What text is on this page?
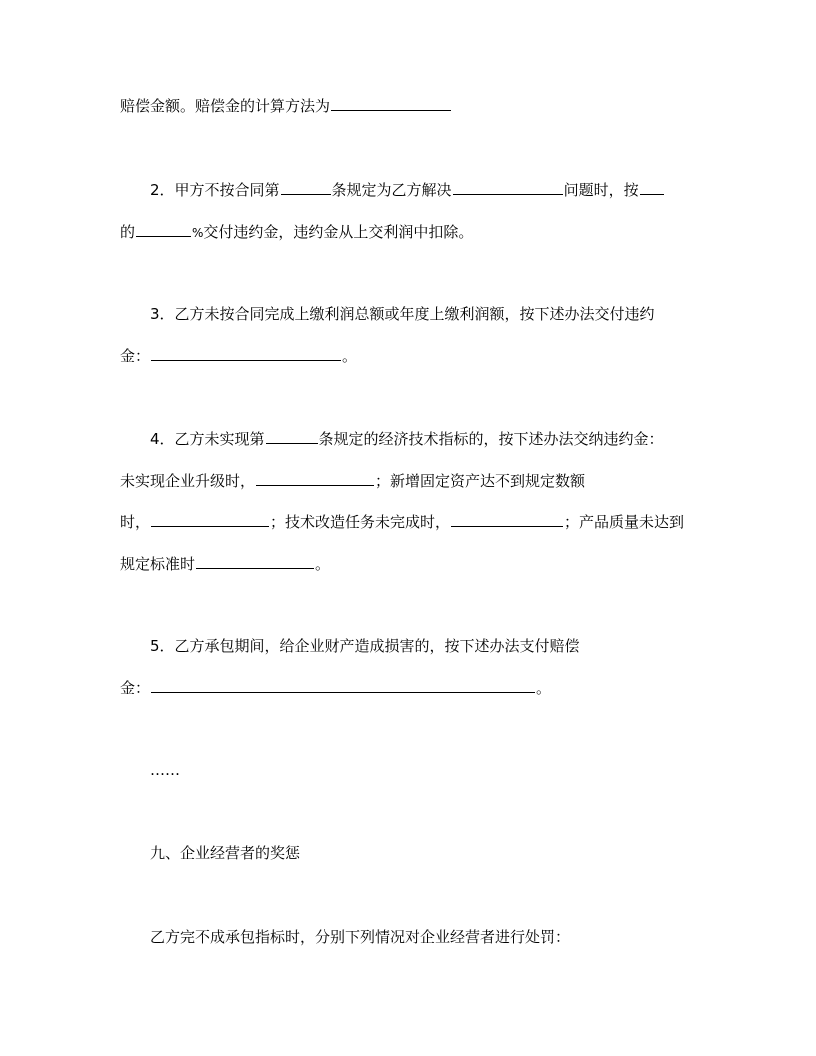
赔偿金额。赔偿金的计算方法为
2．甲方不按合同第	条规定为乙方解决	问题时，按
的	%交付违约金，违约金从上交利润中扣除。
3．乙方未按合同完成上缴利润总额或年度上缴利润额，按下述办法交付违约
金：	。
4．乙方未实现第	条规定的经济技术指标的，按下述办法交纳违约金：
未实现企业升级时，	；新增固定资产达不到规定数额
时，	；技术改造任务未完成时，	；产品质量未达到
规定标准时	。
5．乙方承包期间，给企业财产造成损害的，按下述办法支付赔偿
金：	。
……
九、企业经营者的奖惩
乙方完不成承包指标时，分别下列情况对企业经营者进行处罚：
